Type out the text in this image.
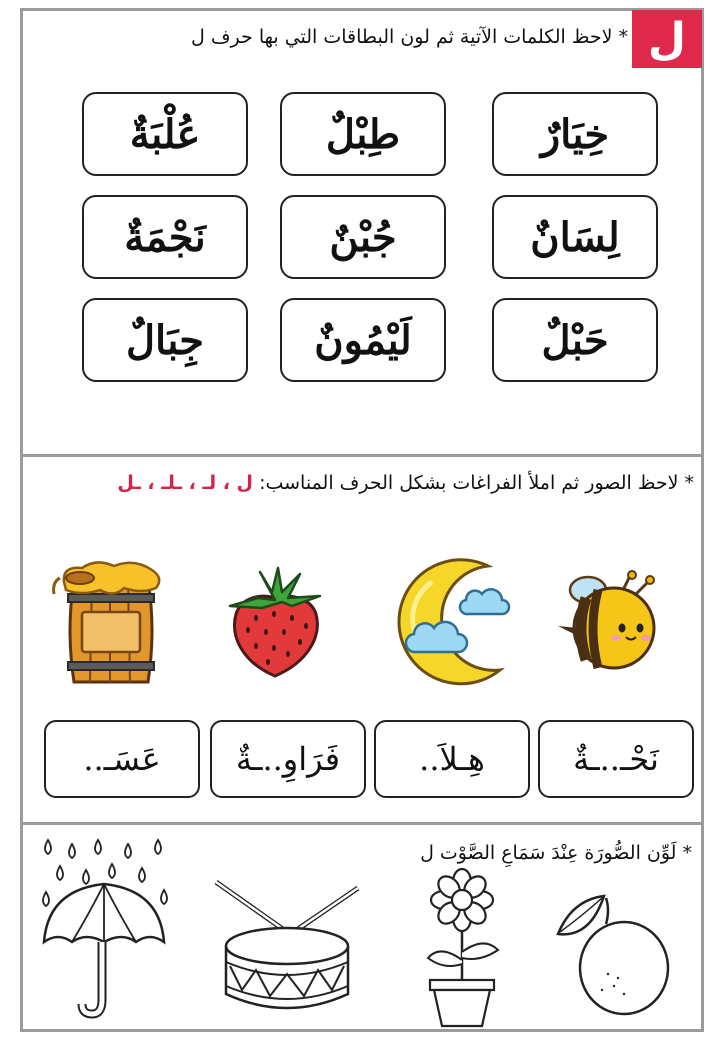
ل
* لاحظ الكلمات الآتية ثم لون البطاقات التي بها حرف ل
خِيَارٌ
طِبْلٌ
عُلْبَةٌ
لِسَانٌ
جُبْنٌ
نَجْمَةٌ
حَبْلٌ
لَيْمُونٌ
جِبَالٌ
* لاحظ الصور ثم املأ الفراغات بشكل الحرف المناسب: ل ، لـ ، ـلـ ، ـل
نَحْـ..ـةٌ
هِـلاَ..
فَرَاوِ..ـةٌ
عَسَـ..
* لَوِّن الصُّورَة عِنْدَ سَمَاعِ الصَّوْت ل
